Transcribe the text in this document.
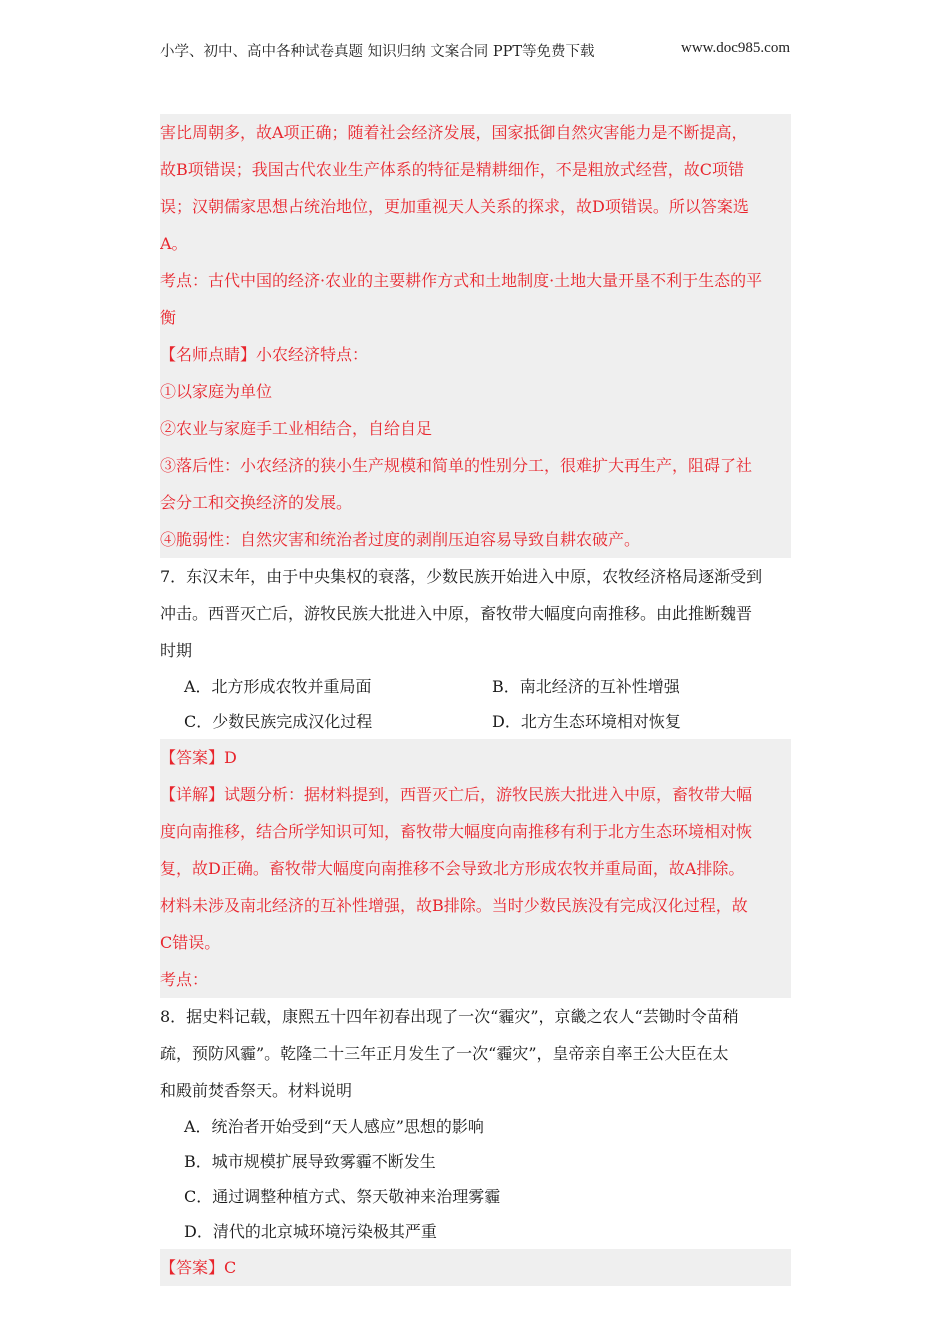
小学、初中、高中各种试卷真题 知识归纳 文案合同 PPT等免费下载	www.doc985.com
害比周朝多，故A项正确；随着社会经济发展，国家抵御自然灾害能力是不断提高，
故B项错误；我国古代农业生产体系的特征是精耕细作，不是粗放式经营，故C项错
误；汉朝儒家思想占统治地位，更加重视天人关系的探求，故D项错误。所以答案选
A。
考点：古代中国的经济·农业的主要耕作方式和土地制度·土地大量开垦不利于生态的平
衡
【名师点睛】小农经济特点：
①以家庭为单位
②农业与家庭手工业相结合，自给自足
③落后性：小农经济的狭小生产规模和简单的性别分工，很难扩大再生产，阻碍了社
会分工和交换经济的发展。
④脆弱性：自然灾害和统治者过度的剥削压迫容易导致自耕农破产。
7．东汉末年，由于中央集权的衰落，少数民族开始进入中原，农牧经济格局逐渐受到
冲击。西晋灭亡后，游牧民族大批进入中原，畜牧带大幅度向南推移。由此推断魏晋
时期
A．北方形成农牧并重局面	B．南北经济的互补性增强
C．少数民族完成汉化过程	D．北方生态环境相对恢复
【答案】D
【详解】试题分析：据材料提到，西晋灭亡后，游牧民族大批进入中原，畜牧带大幅
度向南推移，结合所学知识可知，畜牧带大幅度向南推移有利于北方生态环境相对恢
复，故D正确。畜牧带大幅度向南推移不会导致北方形成农牧并重局面，故A排除。
材料未涉及南北经济的互补性增强，故B排除。当时少数民族没有完成汉化过程，故
C错误。
考点：
8．据史料记载，康熙五十四年初春出现了一次“霾灾”，京畿之农人“芸锄时令苗稍
疏，预防风霾”。乾隆二十三年正月发生了一次“霾灾”，皇帝亲自率王公大臣在太
和殿前焚香祭天。材料说明
A．统治者开始受到“天人感应”思想的影响
B．城市规模扩展导致雾霾不断发生
C．通过调整种植方式、祭天敬神来治理雾霾
D．清代的北京城环境污染极其严重
【答案】C
